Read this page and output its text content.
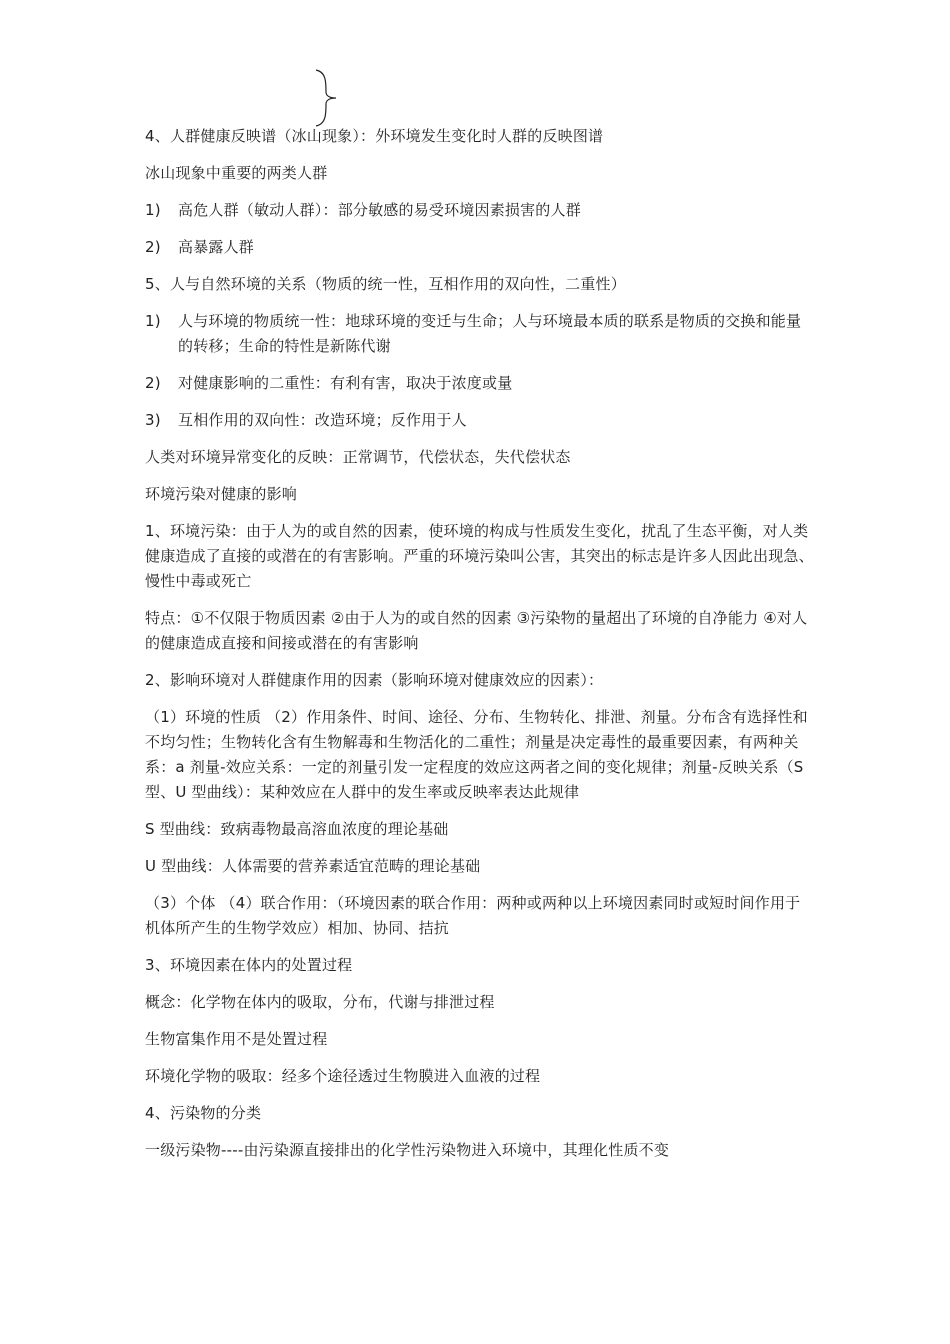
4、人群健康反映谱（冰山现象）：外环境发生变化时人群的反映图谱

冰山现象中重要的两类人群

1)	高危人群（敏动人群）：部分敏感的易受环境因素损害的人群

2)	高暴露人群

5、人与自然环境的关系（物质的统一性，互相作用的双向性，二重性）

1)	人与环境的物质统一性：地球环境的变迁与生命；人与环境最本质的联系是物质的交换和能量的转移；生命的特性是新陈代谢

2)	对健康影响的二重性：有利有害，取决于浓度或量

3)	互相作用的双向性：改造环境；反作用于人

人类对环境异常变化的反映：正常调节，代偿状态，失代偿状态

环境污染对健康的影响

1、环境污染：由于人为的或自然的因素，使环境的构成与性质发生变化，扰乱了生态平衡，对人类健康造成了直接的或潜在的有害影响。严重的环境污染叫公害，其突出的标志是许多人因此出现急、慢性中毒或死亡

特点：①不仅限于物质因素 ②由于人为的或自然的因素 ③污染物的量超出了环境的自净能力 ④对人的健康造成直接和间接或潜在的有害影响

2、影响环境对人群健康作用的因素（影响环境对健康效应的因素）：

（1）环境的性质 （2）作用条件、时间、途径、分布、生物转化、排泄、剂量。分布含有选择性和不均匀性；生物转化含有生物解毒和生物活化的二重性；剂量是决定毒性的最重要因素，有两种关系：a 剂量-效应关系：一定的剂量引发一定程度的效应这两者之间的变化规律；剂量-反映关系（S 型、U 型曲线）：某种效应在人群中的发生率或反映率表达此规律

S 型曲线：致病毒物最高溶血浓度的理论基础

U 型曲线：人体需要的营养素适宜范畴的理论基础

（3）个体 （4）联合作用：（环境因素的联合作用：两种或两种以上环境因素同时或短时间作用于机体所产生的生物学效应）相加、协同、拮抗

3、环境因素在体内的处置过程

概念：化学物在体内的吸取，分布，代谢与排泄过程

生物富集作用不是处置过程

环境化学物的吸取：经多个途径透过生物膜进入血液的过程

4、污染物的分类

一级污染物----由污染源直接排出的化学性污染物进入环境中，其理化性质不变
